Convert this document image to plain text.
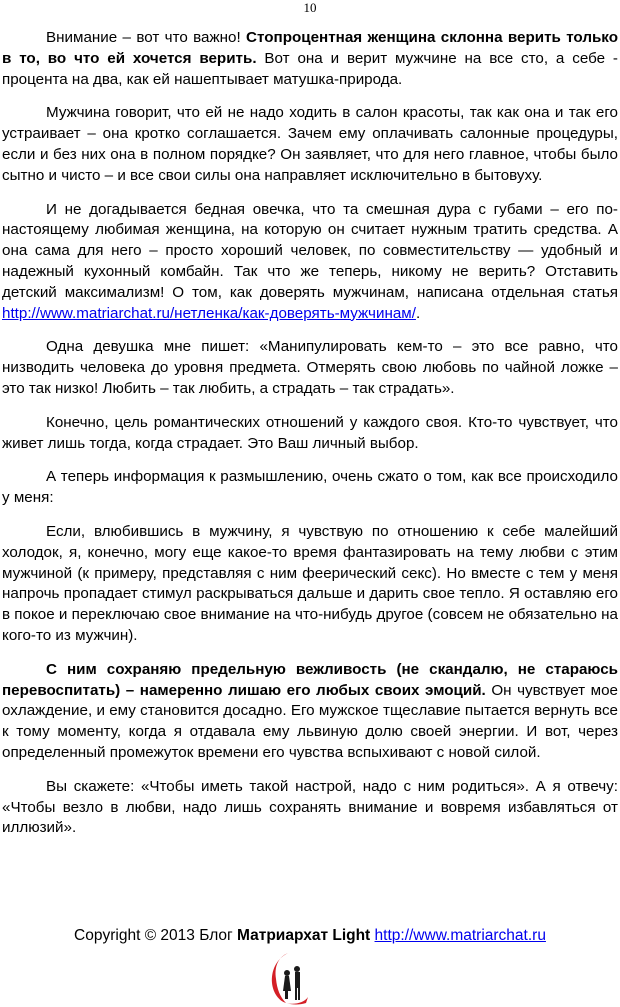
10

Внимание – вот что важно! Стопроцентная женщина склонна верить только в то, во что ей хочется верить. Вот она и верит мужчине на все сто, а себе - процента на два, как ей нашептывает матушка-природа.

Мужчина говорит, что ей не надо ходить в салон красоты, так как она и так его устраивает – она кротко соглашается. Зачем ему оплачивать салонные процедуры, если и без них она в полном порядке? Он заявляет, что для него главное, чтобы было сытно и чисто – и все свои силы она направляет исключительно в бытовуху.

И не догадывается бедная овечка, что та смешная дура с губами – его по-настоящему любимая женщина, на которую он считает нужным тратить средства. А она сама для него – просто хороший человек, по совместительству — удобный и надежный кухонный комбайн. Так что же теперь, никому не верить? Отставить детский максимализм! О том, как доверять мужчинам, написана отдельная статья http://www.matriarchat.ru/нетленка/как-доверять-мужчинам/.

Одна девушка мне пишет: «Манипулировать кем-то – это все равно, что низводить человека до уровня предмета. Отмерять свою любовь по чайной ложке – это так низко! Любить – так любить, а страдать – так страдать».

Конечно, цель романтических отношений у каждого своя. Кто-то чувствует, что живет лишь тогда, когда страдает. Это Ваш личный выбор.

А теперь информация к размышлению, очень сжато о том, как все происходило у меня:

Если, влюбившись в мужчину, я чувствую по отношению к себе малейший холодок, я, конечно, могу еще какое-то время фантазировать на тему любви с этим мужчиной (к примеру, представляя с ним феерический секс). Но вместе с тем у меня напрочь пропадает стимул раскрываться дальше и дарить свое тепло. Я оставляю его в покое и переключаю свое внимание на что-нибудь другое (совсем не обязательно на кого-то из мужчин).

С ним сохраняю предельную вежливость (не скандалю, не стараюсь перевоспитать) – намеренно лишаю его любых своих эмоций. Он чувствует мое охлаждение, и ему становится досадно. Его мужское тщеславие пытается вернуть все к тому моменту, когда я отдавала ему львиную долю своей энергии. И вот, через определенный промежуток времени его чувства вспыхивают с новой силой.

Вы скажете: «Чтобы иметь такой настрой, надо с ним родиться». А я отвечу: «Чтобы везло в любви, надо лишь сохранять внимание и вовремя избавляться от иллюзий».

Copyright © 2013 Блог Матриархат Light http://www.matriarchat.ru
